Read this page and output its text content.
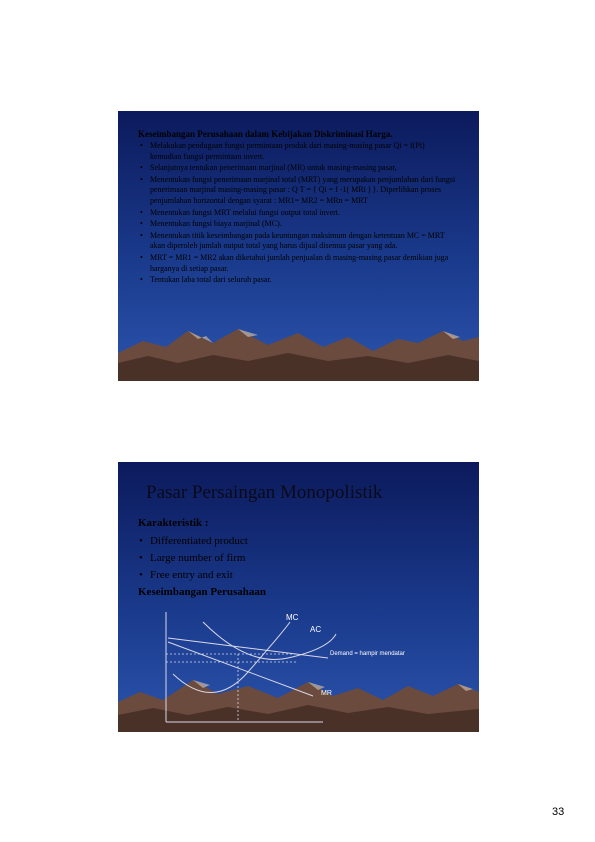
Keseimbangan Perusahaan dalam Kebijakan Diskriminasi Harga.
• Melakukan pendugaan fungsi permintaan produk dari masing-masing pasar Qi = f(Pi) kemudian fungsi permintaan invert.
• Selanjutnya tentukan penerimaan marjinal (MR) untuk masing-masing pasar,
• Menentukan fungsi penerimaan marjinal total (MRT) yang merupakan penjumlahan dari fungsi penerimaan marjinal masing-masing pasar : Q T = { Qi = f -1( MRi ) }. Diperlihkan proses penjumlahan horizontal dengan syarat : MR1= MR2 = MRn = MRT
• Menentukan fungsi MRT melalui fungsi output total invert.
• Menentukan fungsi biaya marjinal (MC).
• Menentukan titik keseimbangan pada keuntungan maksimum dengan ketentuan MC = MRT akan diperoleh jumlah output total yang harus dijual disemua pasar yang ada.
• MRT = MR1 = MR2 akan diketahui jumlah penjualan di masing-masing pasar demikian juga harganya di setiap pasar.
• Tentukan laba total dari seluruh pasar.
Pasar Persaingan Monopolistik
Karakteristik :
• Differentiated product
• Large number of firm
• Free entry and exit
Keseimbangan Perusahaan
MC
AC
Demand = hampir mendatar
MR
33
